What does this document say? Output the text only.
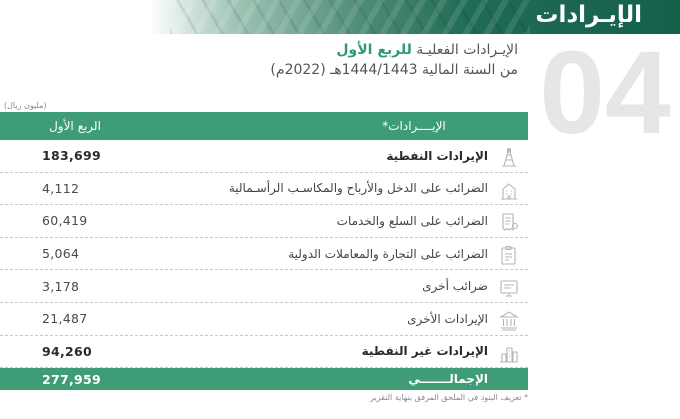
الإيـرادات
04
الإيـرادات الفعليـة للربع الأول
من السنة المالية 1444/1443هـ (2022م)
(مليون ريال)
الربع الأول	الإيــــرادات*
183,699	الإيرادات النفطية
4,112	الضرائب على الدخل والأرباح والمكاسـب الرأسـمالية
60,419	الضرائب على السلع والخدمات
5,064	الضرائب على التجارة والمعاملات الدولية
3,178	ضرائب أخرى
21,487	الإيرادات الأخرى
94,260	الإيرادات غير النفطية
277,959	الإجمالـــــــي
* تعريف البنود في الملحق المرفق بنهاية التقرير
